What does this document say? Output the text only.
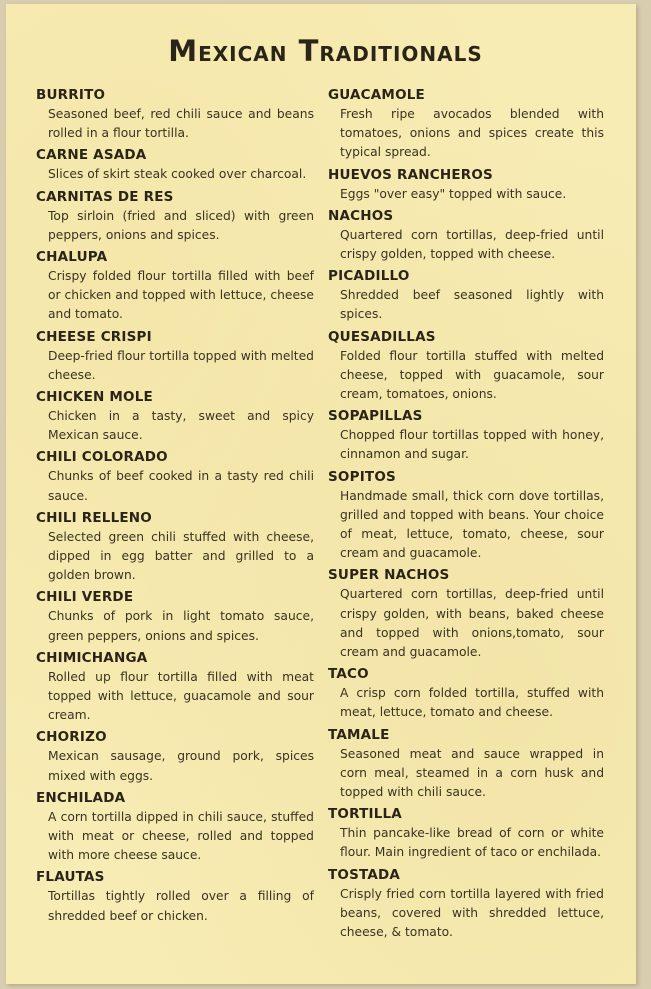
Mexican Traditionals

BURRITO

Seasoned beef, red chili sauce and beans rolled in a flour tortilla.

CARNE ASADA

Slices of skirt steak cooked over charcoal.

CARNITAS DE RES

Top sirloin (fried and sliced) with green peppers, onions and spices.

CHALUPA

Crispy folded flour tortilla filled with beef or chicken and topped with lettuce, cheese and tomato.

CHEESE CRISPI

Deep-fried flour tortilla topped with melted cheese.

CHICKEN MOLE

Chicken in a tasty, sweet and spicy Mexican sauce.

CHILI COLORADO

Chunks of beef cooked in a tasty red chili sauce.

CHILI RELLENO

Selected green chili stuffed with cheese, dipped in egg batter and grilled to a golden brown.

CHILI VERDE

Chunks of pork in light tomato sauce, green peppers, onions and spices.

CHIMICHANGA

Rolled up flour tortilla filled with meat topped with lettuce, guacamole and sour cream.

CHORIZO

Mexican sausage, ground pork, spices mixed with eggs.

ENCHILADA

A corn tortilla dipped in chili sauce, stuffed with meat or cheese, rolled and topped with more cheese sauce.

FLAUTAS

Tortillas tightly rolled over a filling of shredded beef or chicken.

GUACAMOLE

Fresh ripe avocados blended with tomatoes, onions and spices create this typical spread.

HUEVOS RANCHEROS

Eggs "over easy" topped with sauce.

NACHOS

Quartered corn tortillas, deep-fried until crispy golden, topped with cheese.

PICADILLO

Shredded beef seasoned lightly with spices.

QUESADILLAS

Folded flour tortilla stuffed with melted cheese, topped with guacamole, sour cream, tomatoes, onions.

SOPAPILLAS

Chopped flour tortillas topped with honey, cinnamon and sugar.

SOPITOS

Handmade small, thick corn dove tortillas, grilled and topped with beans. Your choice of meat, lettuce, tomato, cheese, sour cream and guacamole.

SUPER NACHOS

Quartered corn tortillas, deep-fried until crispy golden, with beans, baked cheese and topped with onions,tomato, sour cream and guacamole.

TACO

A crisp corn folded tortilla, stuffed with meat, lettuce, tomato and cheese.

TAMALE

Seasoned meat and sauce wrapped in corn meal, steamed in a corn husk and topped with chili sauce.

TORTILLA

Thin pancake-like bread of corn or white flour. Main ingredient of taco or enchilada.

TOSTADA

Crisply fried corn tortilla layered with fried beans, covered with shredded lettuce, cheese, & tomato.
